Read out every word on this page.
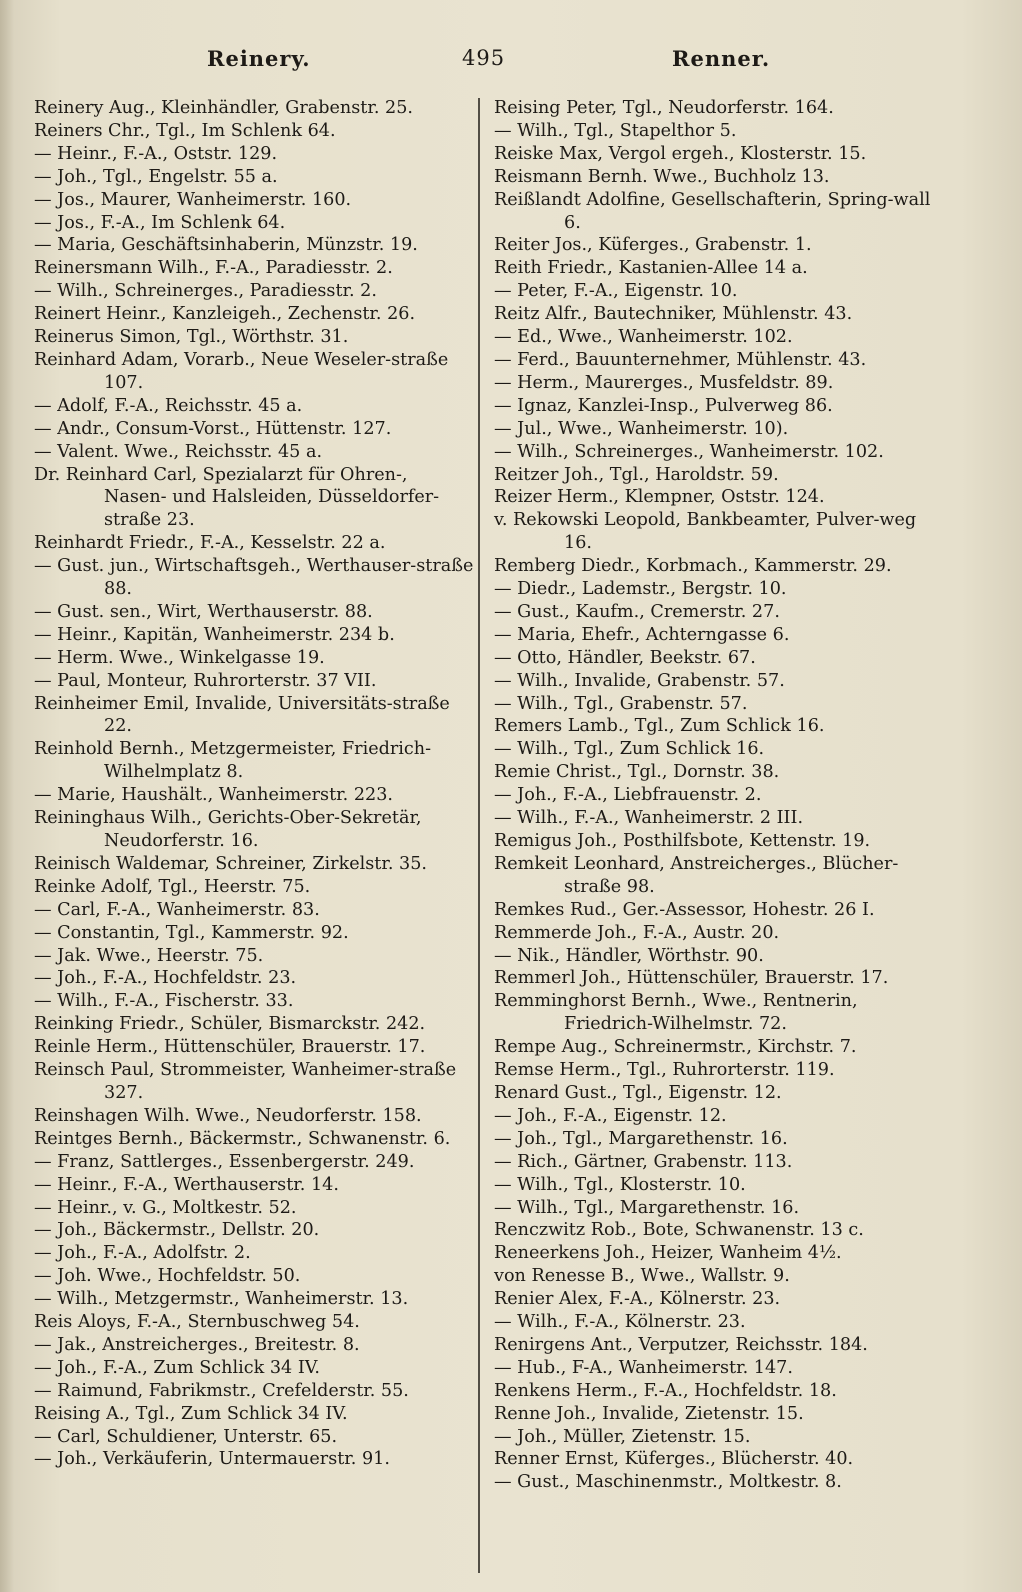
Reinery.	495	Renner.

Reinery Aug., Kleinhändler, Grabenstr. 25.

Reiners Chr., Tgl., Im Schlenk 64.

— Heinr., F.-A., Oststr. 129.

— Joh., Tgl., Engelstr. 55 a.

— Jos., Maurer, Wanheimerstr. 160.

— Jos., F.-A., Im Schlenk 64.

— Maria, Geschäftsinhaberin, Münzstr. 19.

Reinersmann Wilh., F.-A., Paradiesstr. 2.

— Wilh., Schreinerges., Paradiesstr. 2.

Reinert Heinr., Kanzleigeh., Zechenstr. 26.

Reinerus Simon, Tgl., Wörthstr. 31.

Reinhard Adam, Vorarb., Neue Weseler-straße 107.

— Adolf, F.-A., Reichsstr. 45 a.

— Andr., Consum-Vorst., Hüttenstr. 127.

— Valent. Wwe., Reichsstr. 45 a.

Dr. Reinhard Carl, Spezialarzt für Ohren-, Nasen- und Halsleiden, Düsseldorfer-straße 23.

Reinhardt Friedr., F.-A., Kesselstr. 22 a.

— Gust. jun., Wirtschaftsgeh., Werthauser-straße 88.

— Gust. sen., Wirt, Werthauserstr. 88.

— Heinr., Kapitän, Wanheimerstr. 234 b.

— Herm. Wwe., Winkelgasse 19.

— Paul, Monteur, Ruhrorterstr. 37 VII.

Reinheimer Emil, Invalide, Universitäts-straße 22.

Reinhold Bernh., Metzgermeister, Friedrich-Wilhelmplatz 8.

— Marie, Haushält., Wanheimerstr. 223.

Reininghaus Wilh., Gerichts-Ober-Sekretär, Neudorferstr. 16.

Reinisch Waldemar, Schreiner, Zirkelstr. 35.

Reinke Adolf, Tgl., Heerstr. 75.

— Carl, F.-A., Wanheimerstr. 83.

— Constantin, Tgl., Kammerstr. 92.

— Jak. Wwe., Heerstr. 75.

— Joh., F.-A., Hochfeldstr. 23.

— Wilh., F.-A., Fischerstr. 33.

Reinking Friedr., Schüler, Bismarckstr. 242.

Reinle Herm., Hüttenschüler, Brauerstr. 17.

Reinsch Paul, Strommeister, Wanheimer-straße 327.

Reinshagen Wilh. Wwe., Neudorferstr. 158.

Reintges Bernh., Bäckermstr., Schwanenstr. 6.

— Franz, Sattlerges., Essenbergerstr. 249.

— Heinr., F.-A., Werthauserstr. 14.

— Heinr., v. G., Moltkestr. 52.

— Joh., Bäckermstr., Dellstr. 20.

— Joh., F.-A., Adolfstr. 2.

— Joh. Wwe., Hochfeldstr. 50.

— Wilh., Metzgermstr., Wanheimerstr. 13.

Reis Aloys, F.-A., Sternbuschweg 54.

— Jak., Anstreicherges., Breitestr. 8.

— Joh., F.-A., Zum Schlick 34 IV.

— Raimund, Fabrikmstr., Crefelderstr. 55.

Reising A., Tgl., Zum Schlick 34 IV.

— Carl, Schuldiener, Unterstr. 65.

— Joh., Verkäuferin, Untermauerstr. 91.

Reising Peter, Tgl., Neudorferstr. 164.

— Wilh., Tgl., Stapelthor 5.

Reiske Max, Vergol ergeh., Klosterstr. 15.

Reismann Bernh. Wwe., Buchholz 13.

Reißlandt Adolfine, Gesellschafterin, Spring-wall 6.

Reiter Jos., Küferges., Grabenstr. 1.

Reith Friedr., Kastanien-Allee 14 a.

— Peter, F.-A., Eigenstr. 10.

Reitz Alfr., Bautechniker, Mühlenstr. 43.

— Ed., Wwe., Wanheimerstr. 102.

— Ferd., Bauunternehmer, Mühlenstr. 43.

— Herm., Maurerges., Musfeldstr. 89.

— Ignaz, Kanzlei-Insp., Pulverweg 86.

— Jul., Wwe., Wanheimerstr. 10).

— Wilh., Schreinerges., Wanheimerstr. 102.

Reitzer Joh., Tgl., Haroldstr. 59.

Reizer Herm., Klempner, Oststr. 124.

v. Rekowski Leopold, Bankbeamter, Pulver-weg 16.

Remberg Diedr., Korbmach., Kammerstr. 29.

— Diedr., Lademstr., Bergstr. 10.

— Gust., Kaufm., Cremerstr. 27.

— Maria, Ehefr., Achterngasse 6.

— Otto, Händler, Beekstr. 67.

— Wilh., Invalide, Grabenstr. 57.

— Wilh., Tgl., Grabenstr. 57.

Remers Lamb., Tgl., Zum Schlick 16.

— Wilh., Tgl., Zum Schlick 16.

Remie Christ., Tgl., Dornstr. 38.

— Joh., F.-A., Liebfrauenstr. 2.

— Wilh., F.-A., Wanheimerstr. 2 III.

Remigus Joh., Posthilfsbote, Kettenstr. 19.

Remkeit Leonhard, Anstreicherges., Blücher-straße 98.

Remkes Rud., Ger.-Assessor, Hohestr. 26 I.

Remmerde Joh., F.-A., Austr. 20.

— Nik., Händler, Wörthstr. 90.

Remmerl Joh., Hüttenschüler, Brauerstr. 17.

Remminghorst Bernh., Wwe., Rentnerin, Friedrich-Wilhelmstr. 72.

Rempe Aug., Schreinermstr., Kirchstr. 7.

Remse Herm., Tgl., Ruhrorterstr. 119.

Renard Gust., Tgl., Eigenstr. 12.

— Joh., F.-A., Eigenstr. 12.

— Joh., Tgl., Margarethenstr. 16.

— Rich., Gärtner, Grabenstr. 113.

— Wilh., Tgl., Klosterstr. 10.

— Wilh., Tgl., Margarethenstr. 16.

Renczwitz Rob., Bote, Schwanenstr. 13 c.

Reneerkens Joh., Heizer, Wanheim 4½.

von Renesse B., Wwe., Wallstr. 9.

Renier Alex, F.-A., Kölnerstr. 23.

— Wilh., F.-A., Kölnerstr. 23.

Renirgens Ant., Verputzer, Reichsstr. 184.

— Hub., F-A., Wanheimerstr. 147.

Renkens Herm., F.-A., Hochfeldstr. 18.

Renne Joh., Invalide, Zietenstr. 15.

— Joh., Müller, Zietenstr. 15.

Renner Ernst, Küferges., Blücherstr. 40.

— Gust., Maschinenmstr., Moltkestr. 8.
